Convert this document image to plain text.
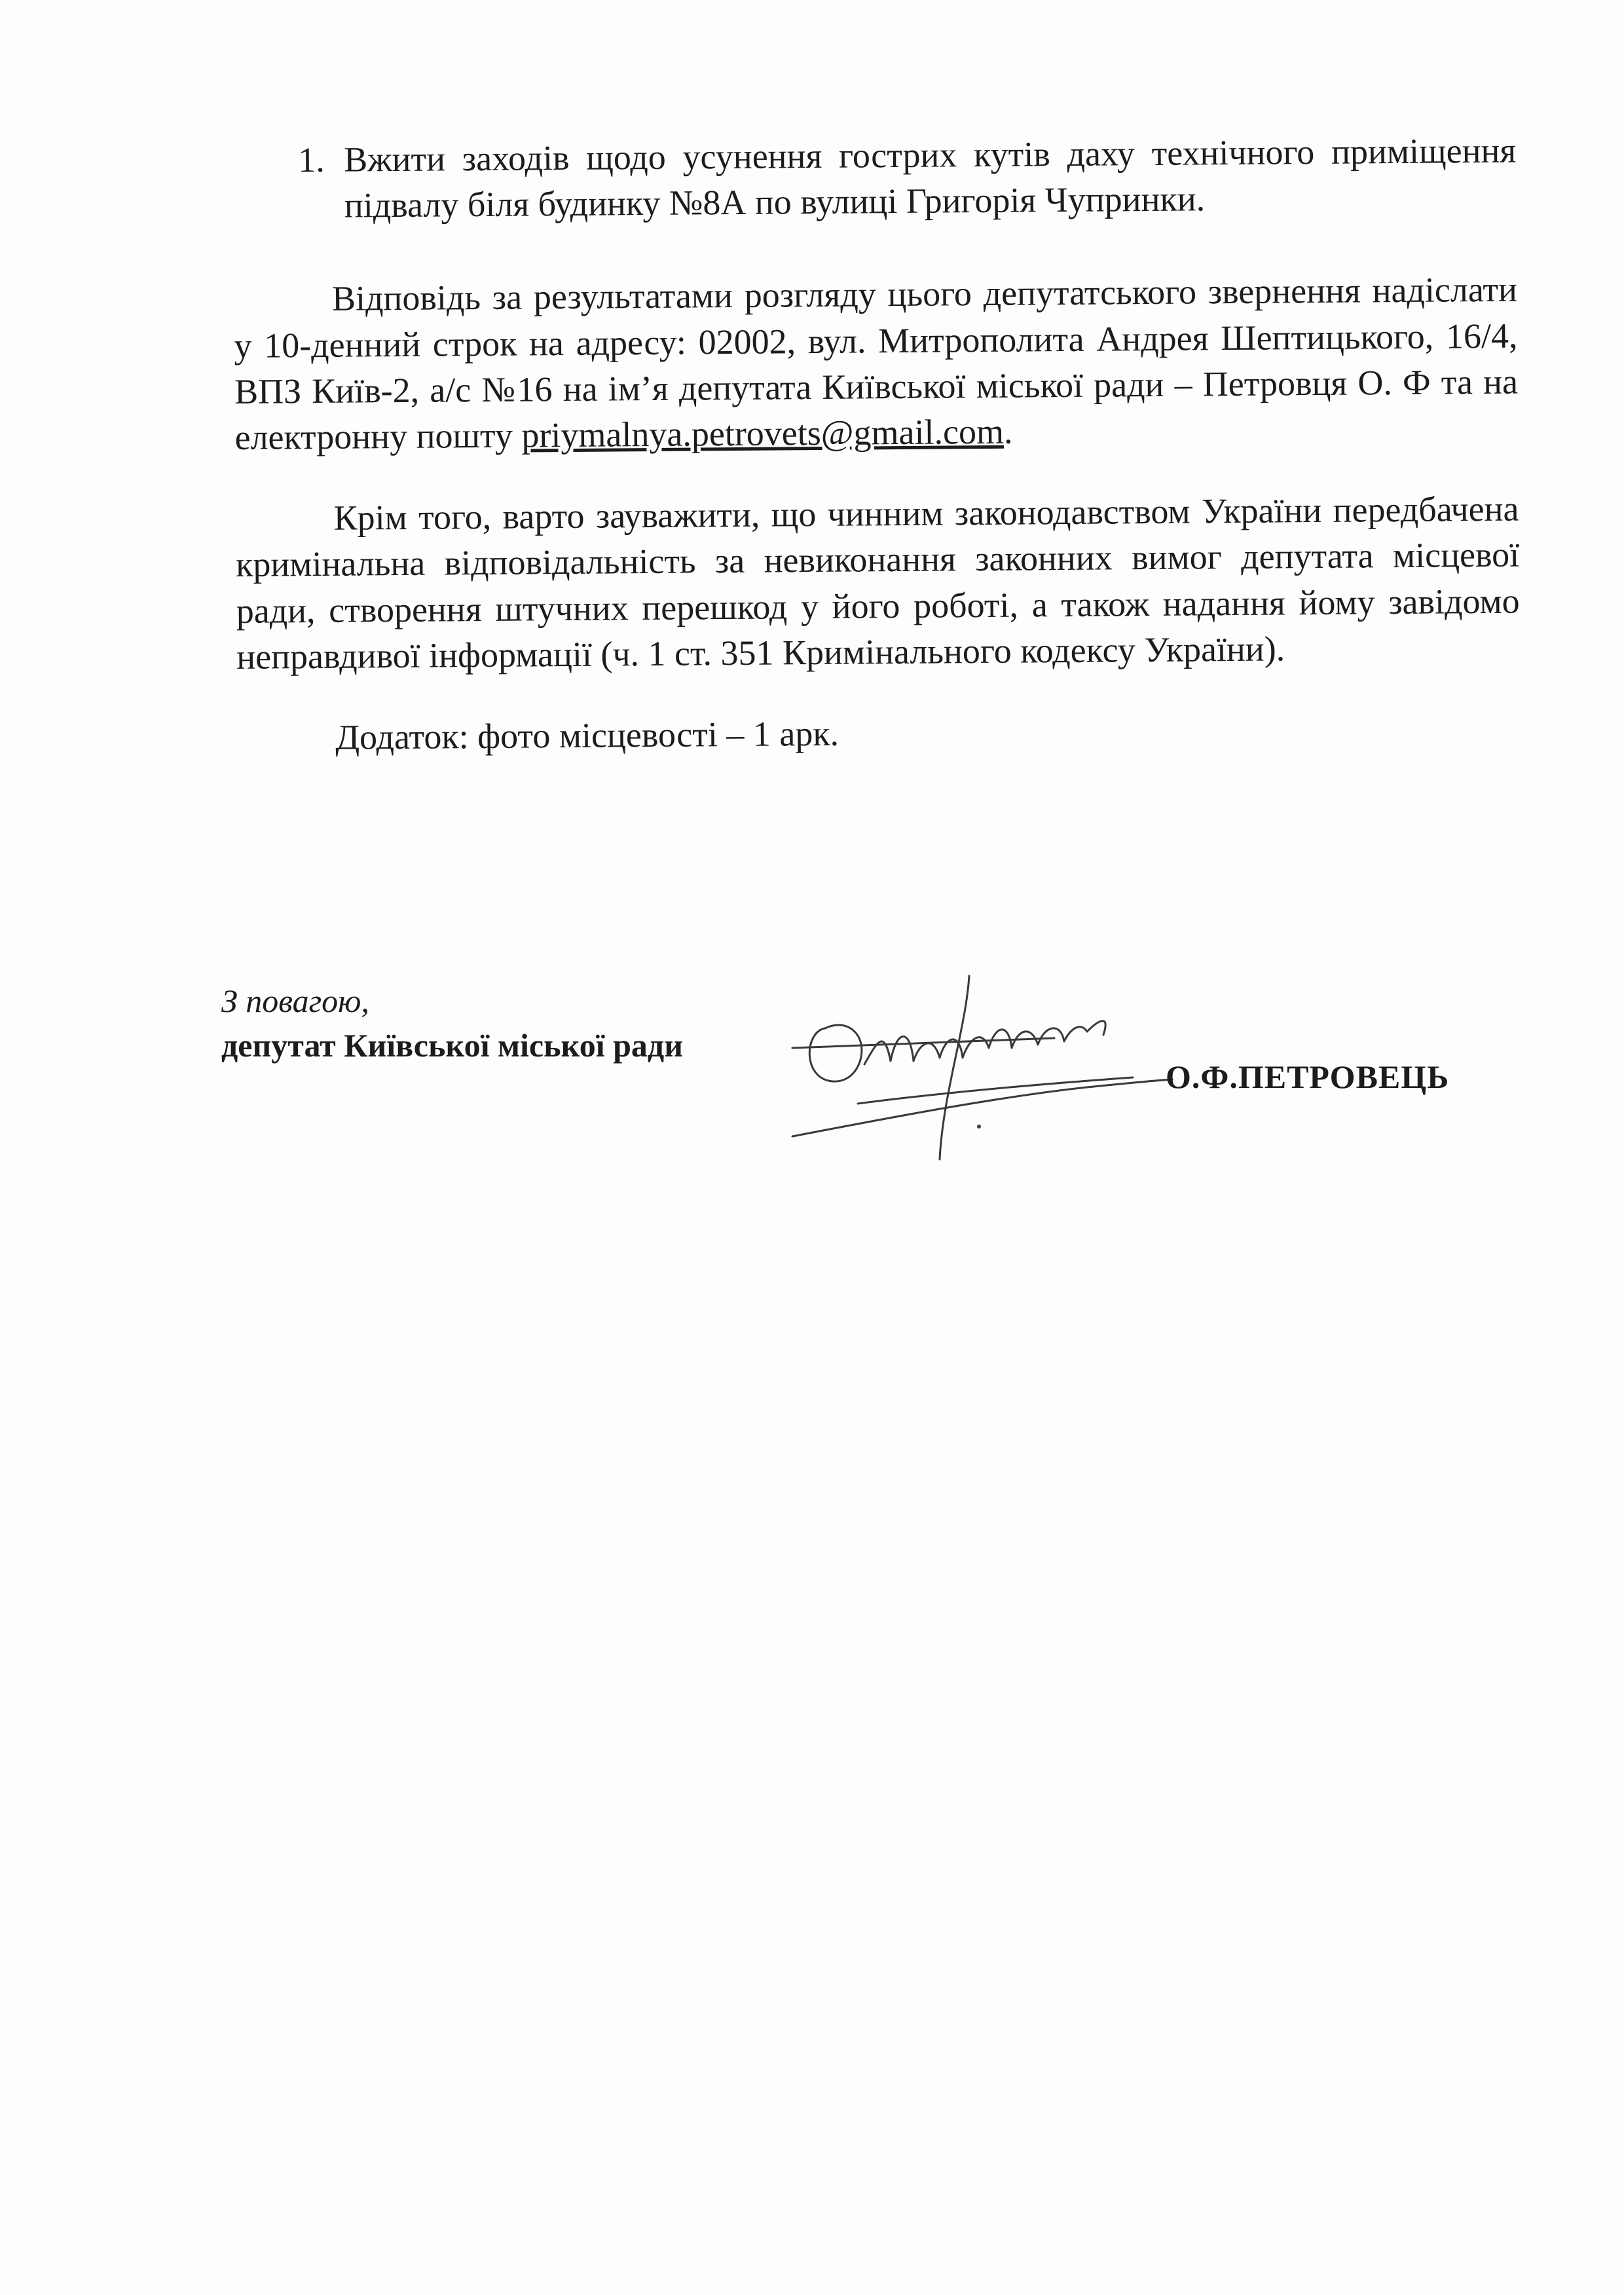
1. Вжити заходів щодо усунення гострих кутів даху технічного приміщення підвалу біля будинку №8А по вулиці Григорія Чупринки.

Відповідь за результатами розгляду цього депутатського звернення надіслати у 10-денний строк на адресу: 02002, вул. Митрополита Андрея Шептицького, 16/4, ВПЗ Київ-2, а/с №16 на ім’я депутата Київської міської ради – Петровця О. Ф та на електронну пошту priymalnya.petrovets@gmail.com.

Крім того, варто зауважити, що чинним законодавством України передбачена кримінальна відповідальність за невиконання законних вимог депутата місцевої ради, створення штучних перешкод у його роботі, а також надання йому завідомо неправдивої інформації (ч. 1 ст. 351 Кримінального кодексу України).

Додаток: фото місцевості – 1 арк.

З повагою,
депутат Київської міської ради
О.Ф.ПЕТРОВЕЦЬ
